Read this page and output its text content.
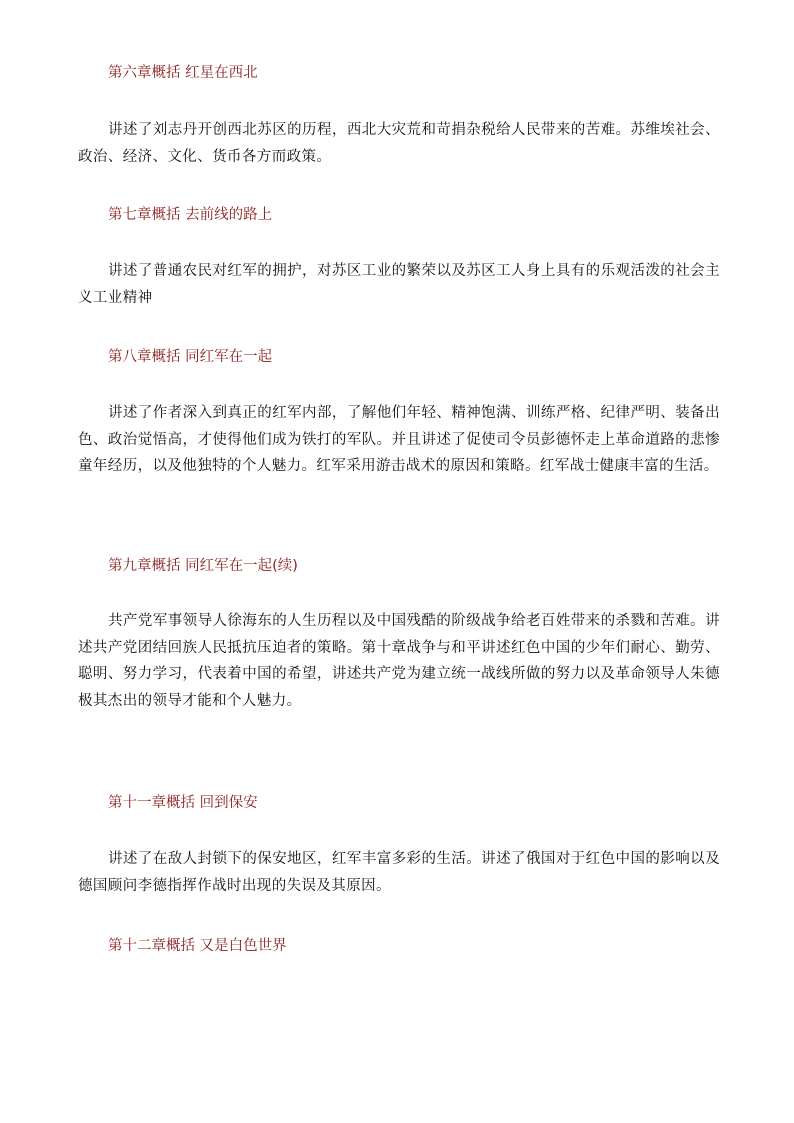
第六章概括 红星在西北

讲述了刘志丹开创西北苏区的历程，西北大灾荒和苛捐杂税给人民带来的苦难。苏维埃社会、政治、经济、文化、货币各方而政策。

第七章概括 去前线的路上

讲述了普通农民对红军的拥护，对苏区工业的繁荣以及苏区工人身上具有的乐观活泼的社会主义工业精神

第八章概括 同红军在一起

讲述了作者深入到真正的红军内部，了解他们年轻、精神饱满、训练严格、纪律严明、装备出色、政治觉悟高，才使得他们成为铁打的军队。并且讲述了促使司令员彭德怀走上革命道路的悲惨童年经历，以及他独特的个人魅力。红军采用游击战术的原因和策略。红军战士健康丰富的生活。

第九章概括 同红军在一起(续)

共产党军事领导人徐海东的人生历程以及中国残酷的阶级战争给老百姓带来的杀戮和苦难。讲述共产党团结回族人民抵抗压迫者的策略。第十章战争与和平讲述红色中国的少年们耐心、勤劳、聪明、努力学习，代表着中国的希望，讲述共产党为建立统一战线所做的努力以及革命领导人朱德极其杰出的领导才能和个人魅力。

第十一章概括 回到保安

讲述了在敌人封锁下的保安地区，红军丰富多彩的生活。讲述了俄国对于红色中国的影响以及德国顾问李德指挥作战时出现的失误及其原因。

第十二章概括 又是白色世界
